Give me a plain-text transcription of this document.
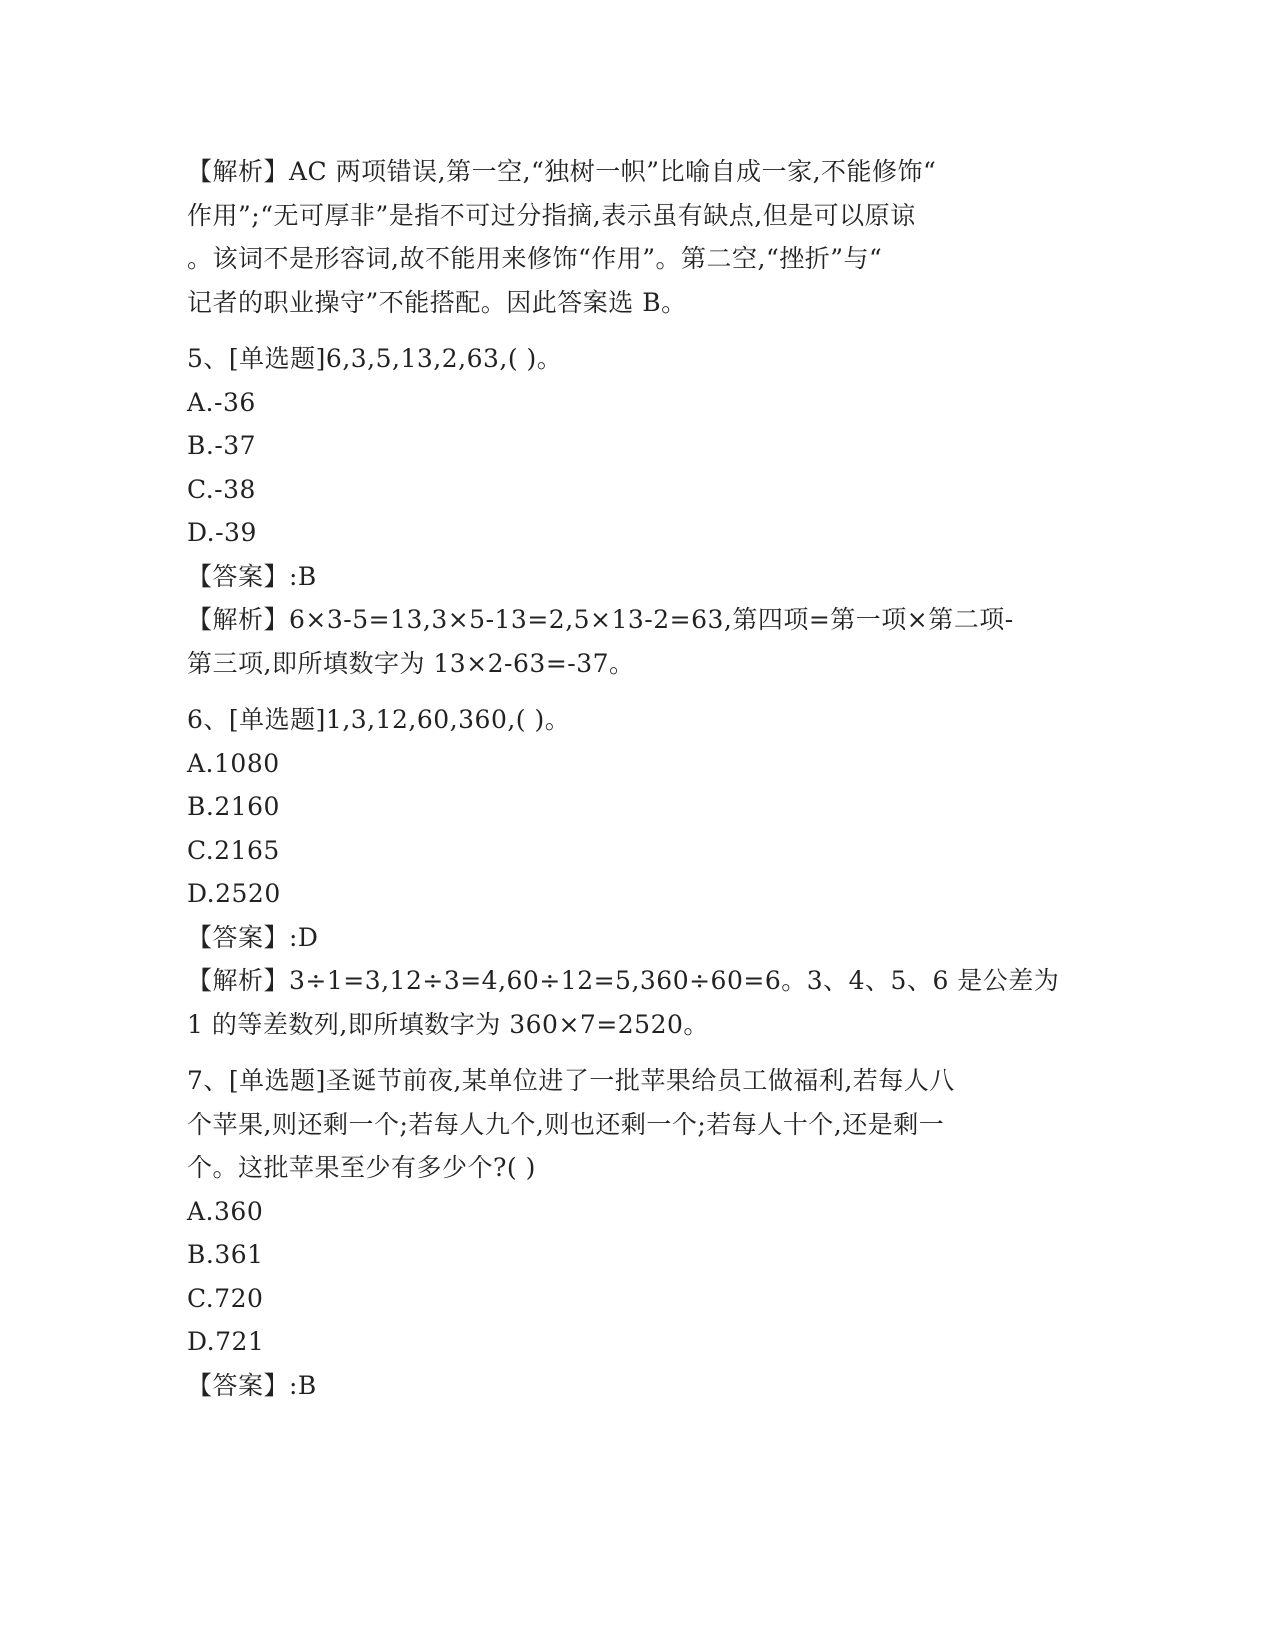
【解析】AC 两项错误,第一空,“独树一帜”比喻自成一家,不能修饰“

作用”;“无可厚非”是指不可过分指摘,表示虽有缺点,但是可以原谅

。该词不是形容词,故不能用来修饰“作用”。第二空,“挫折”与“

记者的职业操守”不能搭配。因此答案选 B。

5、[单选题]6,3,5,13,2,63,( )。

A.-36

B.-37

C.-38

D.-39

【答案】:B

【解析】6×3-5=13,3×5-13=2,5×13-2=63,第四项=第一项×第二项-

第三项,即所填数字为 13×2-63=-37。

6、[单选题]1,3,12,60,360,( )。

A.1080

B.2160

C.2165

D.2520

【答案】:D

【解析】3÷1=3,12÷3=4,60÷12=5,360÷60=6。3、4、5、6 是公差为

1 的等差数列,即所填数字为 360×7=2520。

7、[单选题]圣诞节前夜,某单位进了一批苹果给员工做福利,若每人八

个苹果,则还剩一个;若每人九个,则也还剩一个;若每人十个,还是剩一

个。这批苹果至少有多少个?( )

A.360

B.361

C.720

D.721

【答案】:B
